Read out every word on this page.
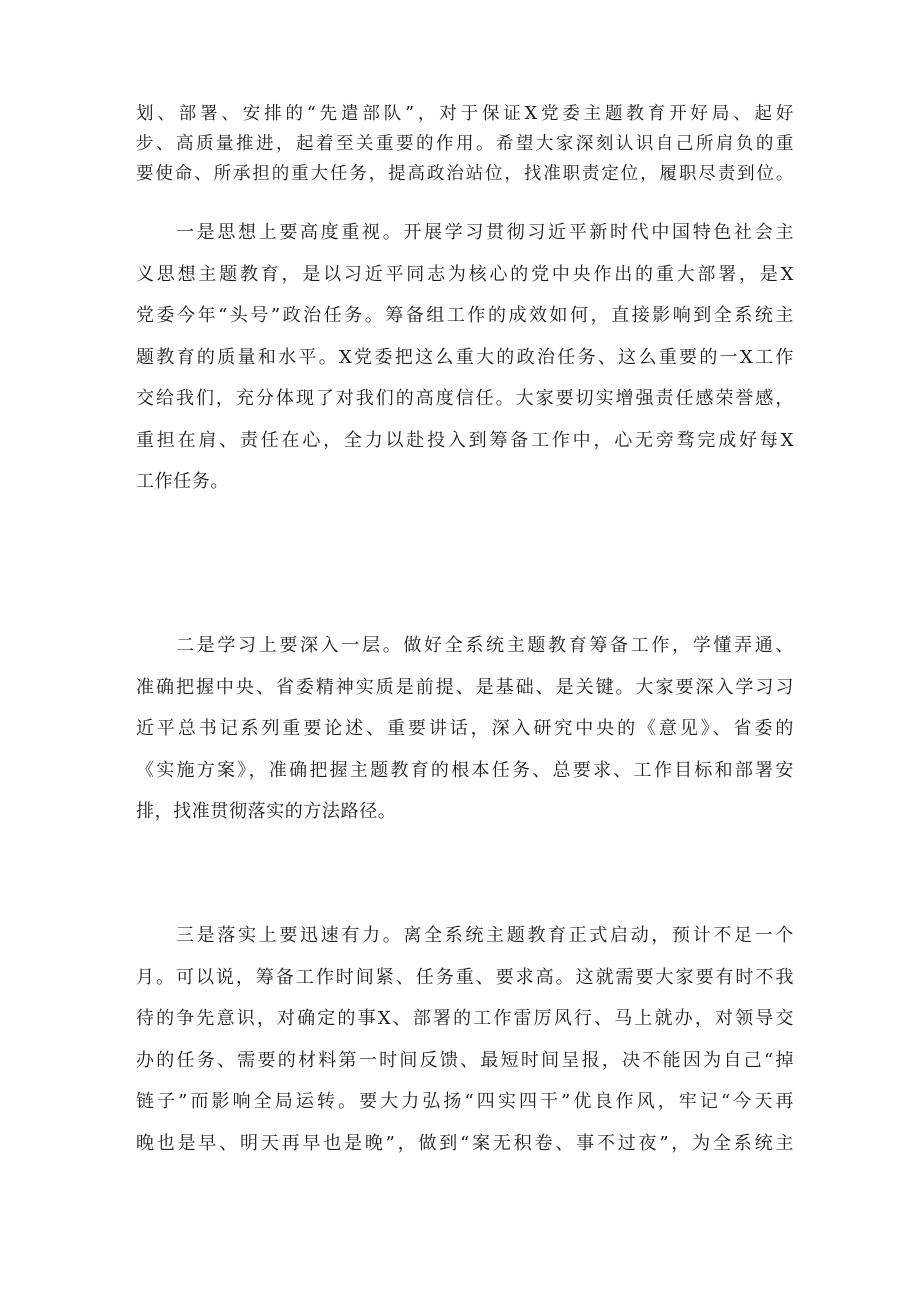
划、部署、安排的“先遣部队”，对于保证X党委主题教育开好局、起好
步、高质量推进，起着至关重要的作用。希望大家深刻认识自己所肩负的重
要使命、所承担的重大任务，提高政治站位，找准职责定位，履职尽责到位。
一是思想上要高度重视。开展学习贯彻习近平新时代中国特色社会主
义思想主题教育，是以习近平同志为核心的党中央作出的重大部署，是X
党委今年“头号”政治任务。筹备组工作的成效如何，直接影响到全系统主
题教育的质量和水平。X党委把这么重大的政治任务、这么重要的一X工作
交给我们，充分体现了对我们的高度信任。大家要切实增强责任感荣誉感，
重担在肩、责任在心，全力以赴投入到筹备工作中，心无旁骛完成好每X
工作任务。
二是学习上要深入一层。做好全系统主题教育筹备工作，学懂弄通、
准确把握中央、省委精神实质是前提、是基础、是关键。大家要深入学习习
近平总书记系列重要论述、重要讲话，深入研究中央的《意见》、省委的
《实施方案》，准确把握主题教育的根本任务、总要求、工作目标和部署安
排，找准贯彻落实的方法路径。
三是落实上要迅速有力。离全系统主题教育正式启动，预计不足一个
月。可以说，筹备工作时间紧、任务重、要求高。这就需要大家要有时不我
待的争先意识，对确定的事X、部署的工作雷厉风行、马上就办，对领导交
办的任务、需要的材料第一时间反馈、最短时间呈报，决不能因为自己“掉
链子”而影响全局运转。要大力弘扬“四实四干”优良作风，牢记“今天再
晚也是早、明天再早也是晚”，做到“案无积卷、事不过夜”，为全系统主
